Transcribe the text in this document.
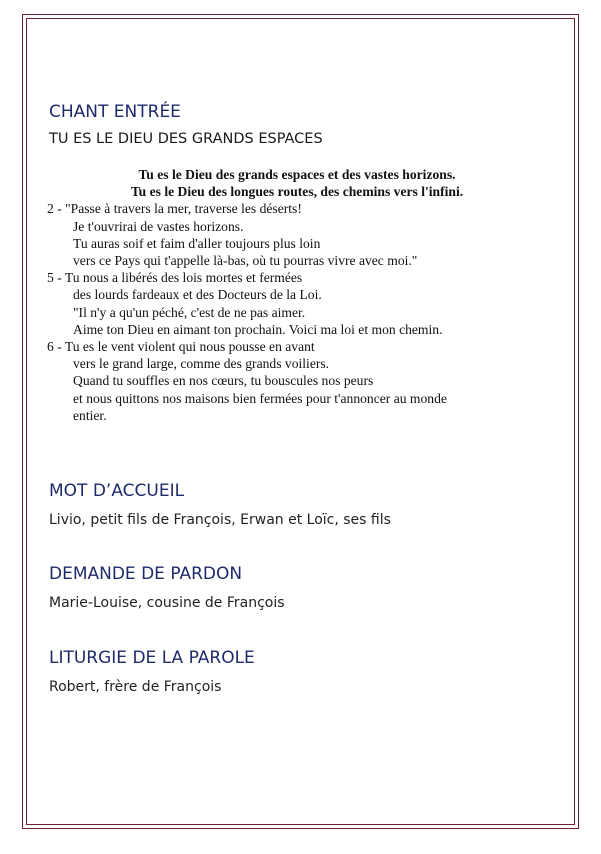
CHANT ENTRÉE
TU ES LE DIEU DES GRANDS ESPACES
Tu es le Dieu des grands espaces et des vastes horizons.
Tu es le Dieu des longues routes, des chemins vers l'infini.
2 - "Passe à travers la mer, traverse les déserts!
Je t'ouvrirai de vastes horizons.
Tu auras soif et faim d'aller toujours plus loin
vers ce Pays qui t'appelle là-bas, où tu pourras vivre avec moi."
5 - Tu nous a libérés des lois mortes et fermées
des lourds fardeaux et des Docteurs de la Loi.
"Il n'y a qu'un péché, c'est de ne pas aimer.
Aime ton Dieu en aimant ton prochain. Voici ma loi et mon chemin.
6 - Tu es le vent violent qui nous pousse en avant
vers le grand large, comme des grands voiliers.
Quand tu souffles en nos cœurs, tu bouscules nos peurs
et nous quittons nos maisons bien fermées pour t'annoncer au monde
entier.
MOT D’ACCUEIL

Livio, petit fils de François, Erwan et Loïc, ses fils

DEMANDE DE PARDON

Marie-Louise, cousine de François

LITURGIE DE LA PAROLE

Robert, frère de François
